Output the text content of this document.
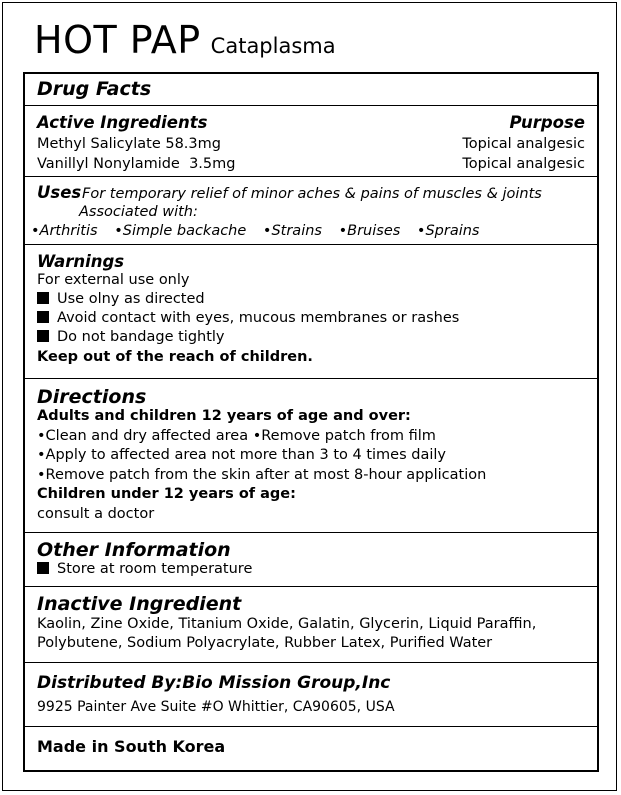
HOT PAP Cataplasma
Drug Facts
Active Ingredients	Purpose
Methyl Salicylate 58.3mg	Topical analgesic
Vanillyl Nonylamide  3.5mg	Topical analgesic
Uses For temporary relief of minor aches & pains of muscles & joints
Associated with:
•Arthritis •Simple backache •Strains •Bruises •Sprains
Warnings
For external use only
Use olny as directed
Avoid contact with eyes, mucous membranes or rashes
Do not bandage tightly
Keep out of the reach of children.
Directions
Adults and children 12 years of age and over:
•Clean and dry affected area •Remove patch from film
•Apply to affected area not more than 3 to 4 times daily
•Remove patch from the skin after at most 8-hour application
Children under 12 years of age:
consult a doctor
Other Information
Store at room temperature
Inactive Ingredient
Kaolin, Zine Oxide, Titanium Oxide, Galatin, Glycerin, Liquid Paraffin,
Polybutene, Sodium Polyacrylate, Rubber Latex, Purified Water
Distributed By:Bio Mission Group,Inc
9925 Painter Ave Suite #O Whittier, CA90605, USA
Made in South Korea
